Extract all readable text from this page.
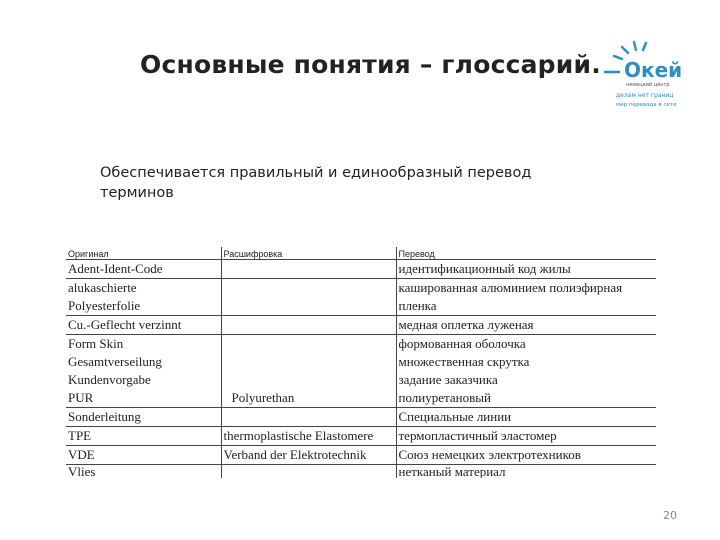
Основные понятия – глоссарий. Окей
немецкий центр
делам нет границ
мир перевода в сети
Обеспечивается правильный и единообразный перевод терминов
Оригинал	Расшифровка	Перевод
Adent-Ident-Code		идентификационный код жилы
alukaschierte		кашированная алюминием полиэфирная
Polyesterfolie		пленка
Cu.-Geflecht verzinnt		медная оплетка луженая
Form Skin		формованная оболочка
Gesamtverseilung		множественная скрутка
Kundenvorgabe		задание заказчика
PUR	Polyurethan	полиуретановый
Sonderleitung		Специальные линии
TPE	thermoplastische Elastomere	термопластичный эластомер
VDE	Verband der Elektrotechnik	Союз немецких электротехников
Vlies		нетканый материал
20
